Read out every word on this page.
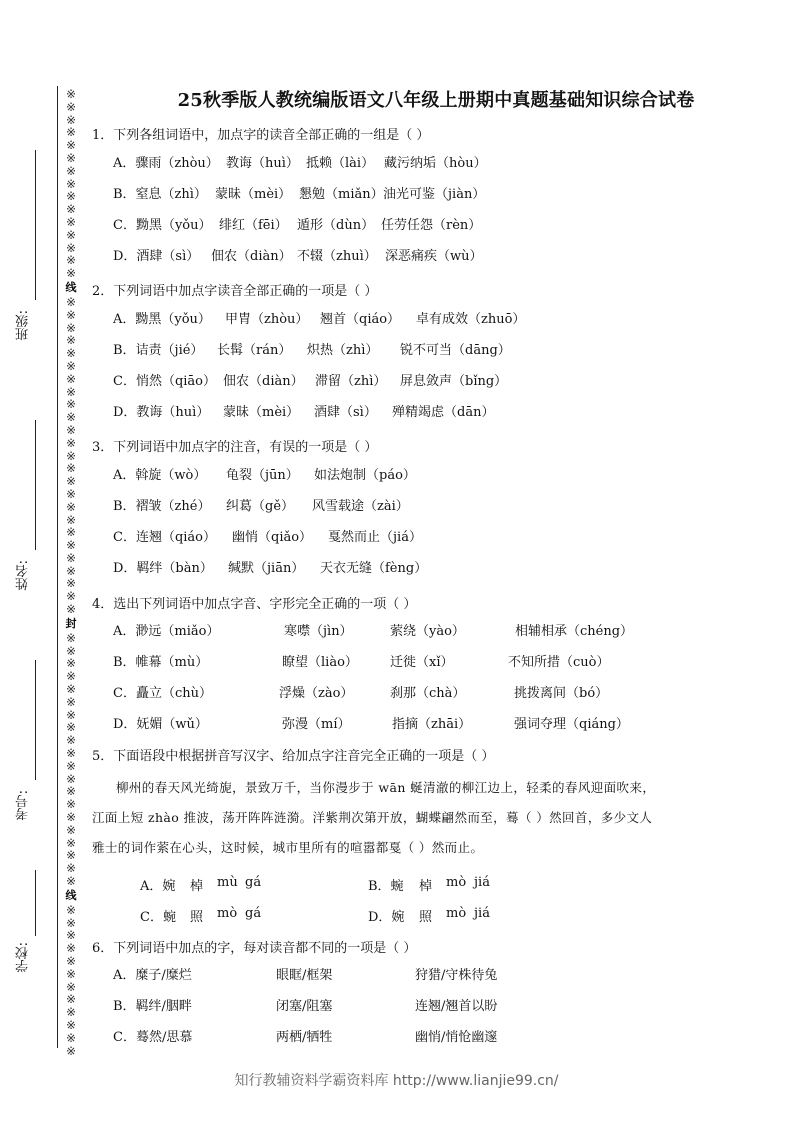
※
※
※
※
※
※
※
※
※
※
※
※
※
※
※
线
※
※
※
※
※
※
※
※
※
※
※
※
※
※
※
※
※
※
※
※
※
※
※
※
※
封
※
※
※
※
※
※
※
※
※
※
※
※
※
※
※
※
※
※
※
※
线
※
※
※
※
※
※
※
※
※
※
※
※
班级:
姓名:
考号:
学校:
25秋季版人教统编版语文八年级上册期中真题基础知识综合试卷
1．下列各组词语中，加点字的读音全部正确的一组是（ ）
A．骤雨（zhòu） 教诲（huì） 抵赖（lài） 藏污纳垢（hòu）
B．窒息（zhì） 蒙昧（mèi） 懇勉（miǎn） 油光可鉴（jiàn）
C．黝黑（yǒu） 绯红（fēi） 遁形（dùn） 任劳任怨（rèn）
D．酒肆（sì） 佃农（diàn） 不辍（zhuì） 深恶痛疾（wù）
2．下列词语中加点字读音全部正确的一项是（ ）
A．黝黑（yǒu） 甲胄（zhòu） 翘首（qiáo） 卓有成效（zhuō）
B．诘责（jié） 长髯（rán） 炽热（zhì） 锐不可当（dāng）
C．悄然（qiāo） 佃农（diàn） 滞留（zhì） 屏息敛声（bǐng）
D．教诲（huì） 蒙昧（mèi） 酒肆（sì） 殚精竭虑（dān）
3．下列词语中加点字的注音，有误的一项是（ ）
A．斡旋（wò） 龟裂（jūn） 如法炮制（páo）
B．褶皱（zhé） 纠葛（gě） 风雪载途（zài）
C．连翘（qiáo） 幽悄（qiǎo） 戛然而止（jiá）
D．羁绊（bàn） 缄默（jiān） 天衣无缝（fèng）
4．选出下列词语中加点字音、字形完全正确的一项（ ）
A．渺远（miǎo）	寒噤（jìn）	萦绕（yào）	相辅相承（chéng）
B．帷幕（mù）	瞭望（liào） 迁徙（xǐ）	不知所措（cuò）
C．矗立（chù）	浮燥（zào）	刹那（chà）	挑拨离间（bó）
D．妩媚（wǔ）	弥漫（mí）	指摘（zhāi）	强词夺理（qiáng）
5．下面语段中根据拼音写汉字、给加点字注音完全正确的一项是（ ）
柳州的春天风光绮旎，景致万千，当你漫步于 wān 蜒清澈的柳江边上，轻柔的春风迎面吹来，
江面上短 zhào 推波，荡开阵阵涟漪。洋紫荆次第开放，蝴蝶翩然而至，蓦（ ）然回首，多少文人
雅士的词作萦在心头，这时候，城市里所有的喧嚣都戛（ ）然而止。
A．婉 棹 mù gá	B．蜿 棹 mò jiá
C．蜿 照 mò gá	D．婉 照 mò jiá
6．下列词语中加点的字，每对读音都不同的一项是（ ）
A．糜子/糜烂	眼眶/框架	狩猎/守株待兔
B．羁绊/胭畔	闭塞/阻塞	连翘/翘首以盼
C．蓦然/思慕	两栖/牺牲	幽悄/悄怆幽邃
知行教辅资料学霸资料库 http://www.lianjie99.cn/
